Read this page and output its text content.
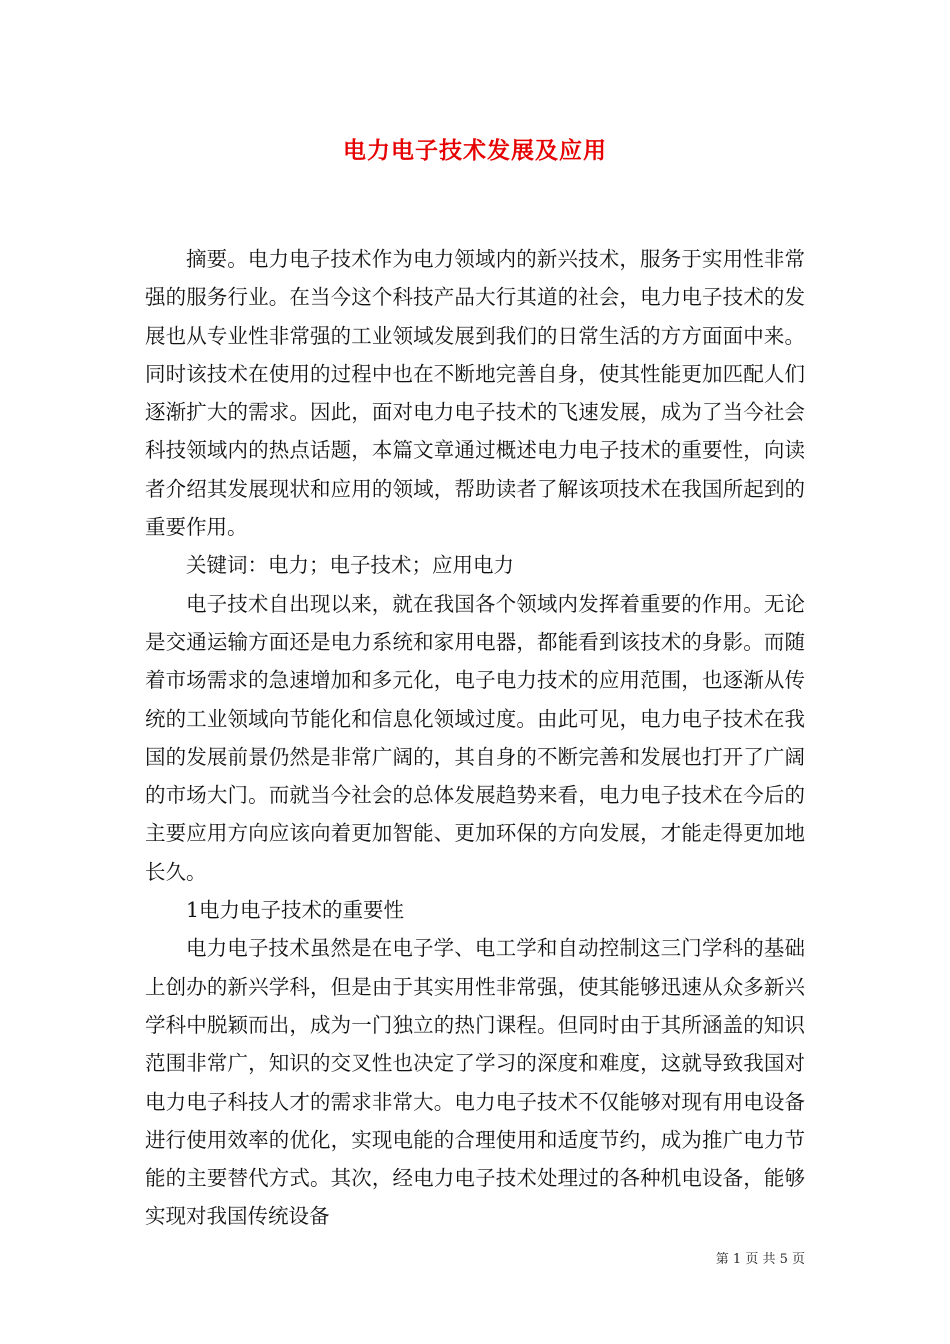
电力电子技术发展及应用

摘要。电力电子技术作为电力领域内的新兴技术，服务于实用性非常强的服务行业。在当今这个科技产品大行其道的社会，电力电子技术的发展也从专业性非常强的工业领域发展到我们的日常生活的方方面面中来。同时该技术在使用的过程中也在不断地完善自身，使其性能更加匹配人们逐渐扩大的需求。因此，面对电力电子技术的飞速发展，成为了当今社会科技领域内的热点话题，本篇文章通过概述电力电子技术的重要性，向读者介绍其发展现状和应用的领域，帮助读者了解该项技术在我国所起到的重要作用。

关键词：电力；电子技术；应用电力

电子技术自出现以来，就在我国各个领域内发挥着重要的作用。无论是交通运输方面还是电力系统和家用电器，都能看到该技术的身影。而随着市场需求的急速增加和多元化，电子电力技术的应用范围，也逐渐从传统的工业领域向节能化和信息化领域过度。由此可见，电力电子技术在我国的发展前景仍然是非常广阔的，其自身的不断完善和发展也打开了广阔的市场大门。而就当今社会的总体发展趋势来看，电力电子技术在今后的主要应用方向应该向着更加智能、更加环保的方向发展，才能走得更加地长久。

1电力电子技术的重要性

电力电子技术虽然是在电子学、电工学和自动控制这三门学科的基础上创办的新兴学科，但是由于其实用性非常强，使其能够迅速从众多新兴学科中脱颖而出，成为一门独立的热门课程。但同时由于其所涵盖的知识范围非常广，知识的交叉性也决定了学习的深度和难度，这就导致我国对电力电子科技人才的需求非常大。电力电子技术不仅能够对现有用电设备进行使用效率的优化，实现电能的合理使用和适度节约，成为推广电力节能的主要替代方式。其次，经电力电子技术处理过的各种机电设备，能够实现对我国传统设备

第 1 页 共 5 页
